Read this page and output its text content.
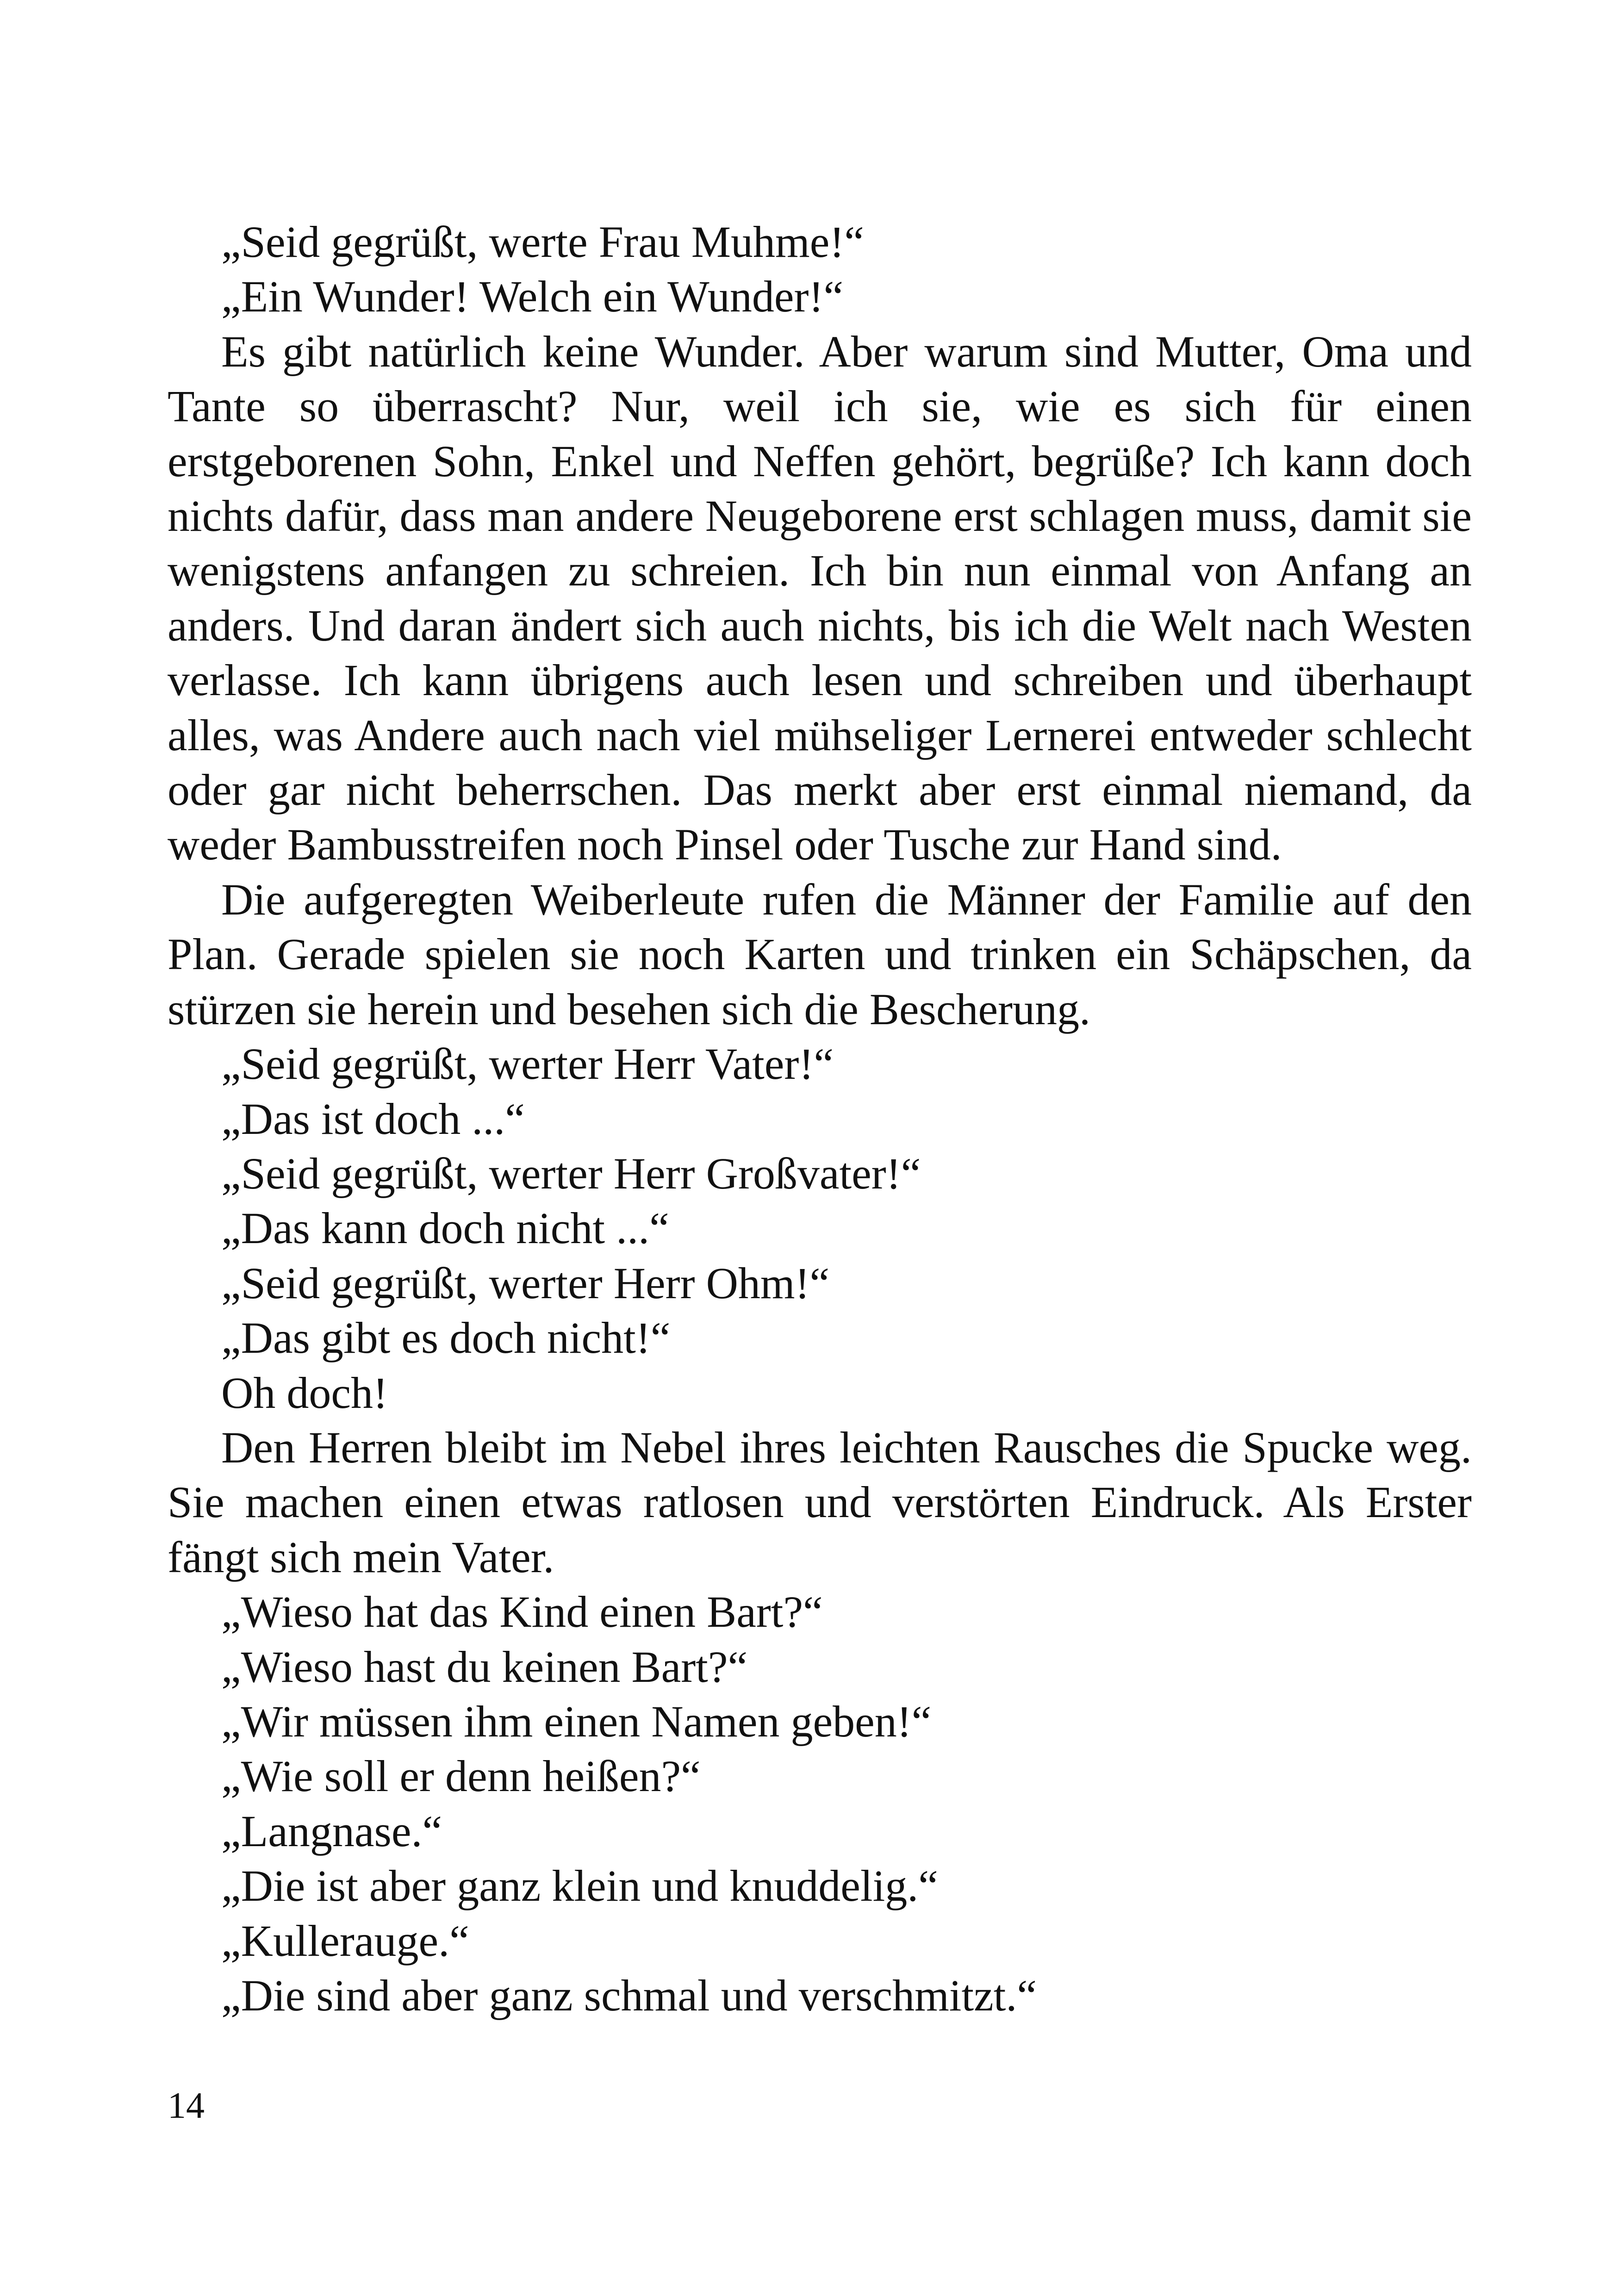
„Seid gegrüßt, werte Frau Muhme!“

„Ein Wunder! Welch ein Wunder!“

Es gibt natürlich keine Wunder. Aber warum sind Mutter, Oma und Tante so überrascht? Nur, weil ich sie, wie es sich für einen erstgeborenen Sohn, Enkel und Neffen gehört, begrüße? Ich kann doch nichts dafür, dass man andere Neugeborene erst schlagen muss, damit sie wenigstens anfangen zu schreien. Ich bin nun einmal von Anfang an anders. Und daran ändert sich auch nichts, bis ich die Welt nach Westen verlasse. Ich kann übrigens auch lesen und schreiben und überhaupt alles, was Andere auch nach viel mühseliger Lernerei entweder schlecht oder gar nicht beherrschen. Das merkt aber erst einmal niemand, da weder Bambusstreifen noch Pinsel oder Tusche zur Hand sind.

Die aufgeregten Weiberleute rufen die Männer der Familie auf den Plan. Gerade spielen sie noch Karten und trinken ein Schäpschen, da stürzen sie herein und besehen sich die Bescherung.

„Seid gegrüßt, werter Herr Vater!“

„Das ist doch ...“

„Seid gegrüßt, werter Herr Großvater!“

„Das kann doch nicht ...“

„Seid gegrüßt, werter Herr Ohm!“

„Das gibt es doch nicht!“

Oh doch!

Den Herren bleibt im Nebel ihres leichten Rausches die Spucke weg. Sie machen einen etwas ratlosen und verstörten Eindruck. Als Erster fängt sich mein Vater.

„Wieso hat das Kind einen Bart?“

„Wieso hast du keinen Bart?“

„Wir müssen ihm einen Namen geben!“

„Wie soll er denn heißen?“

„Langnase.“

„Die ist aber ganz klein und knuddelig.“

„Kullerauge.“

„Die sind aber ganz schmal und verschmitzt.“

14
